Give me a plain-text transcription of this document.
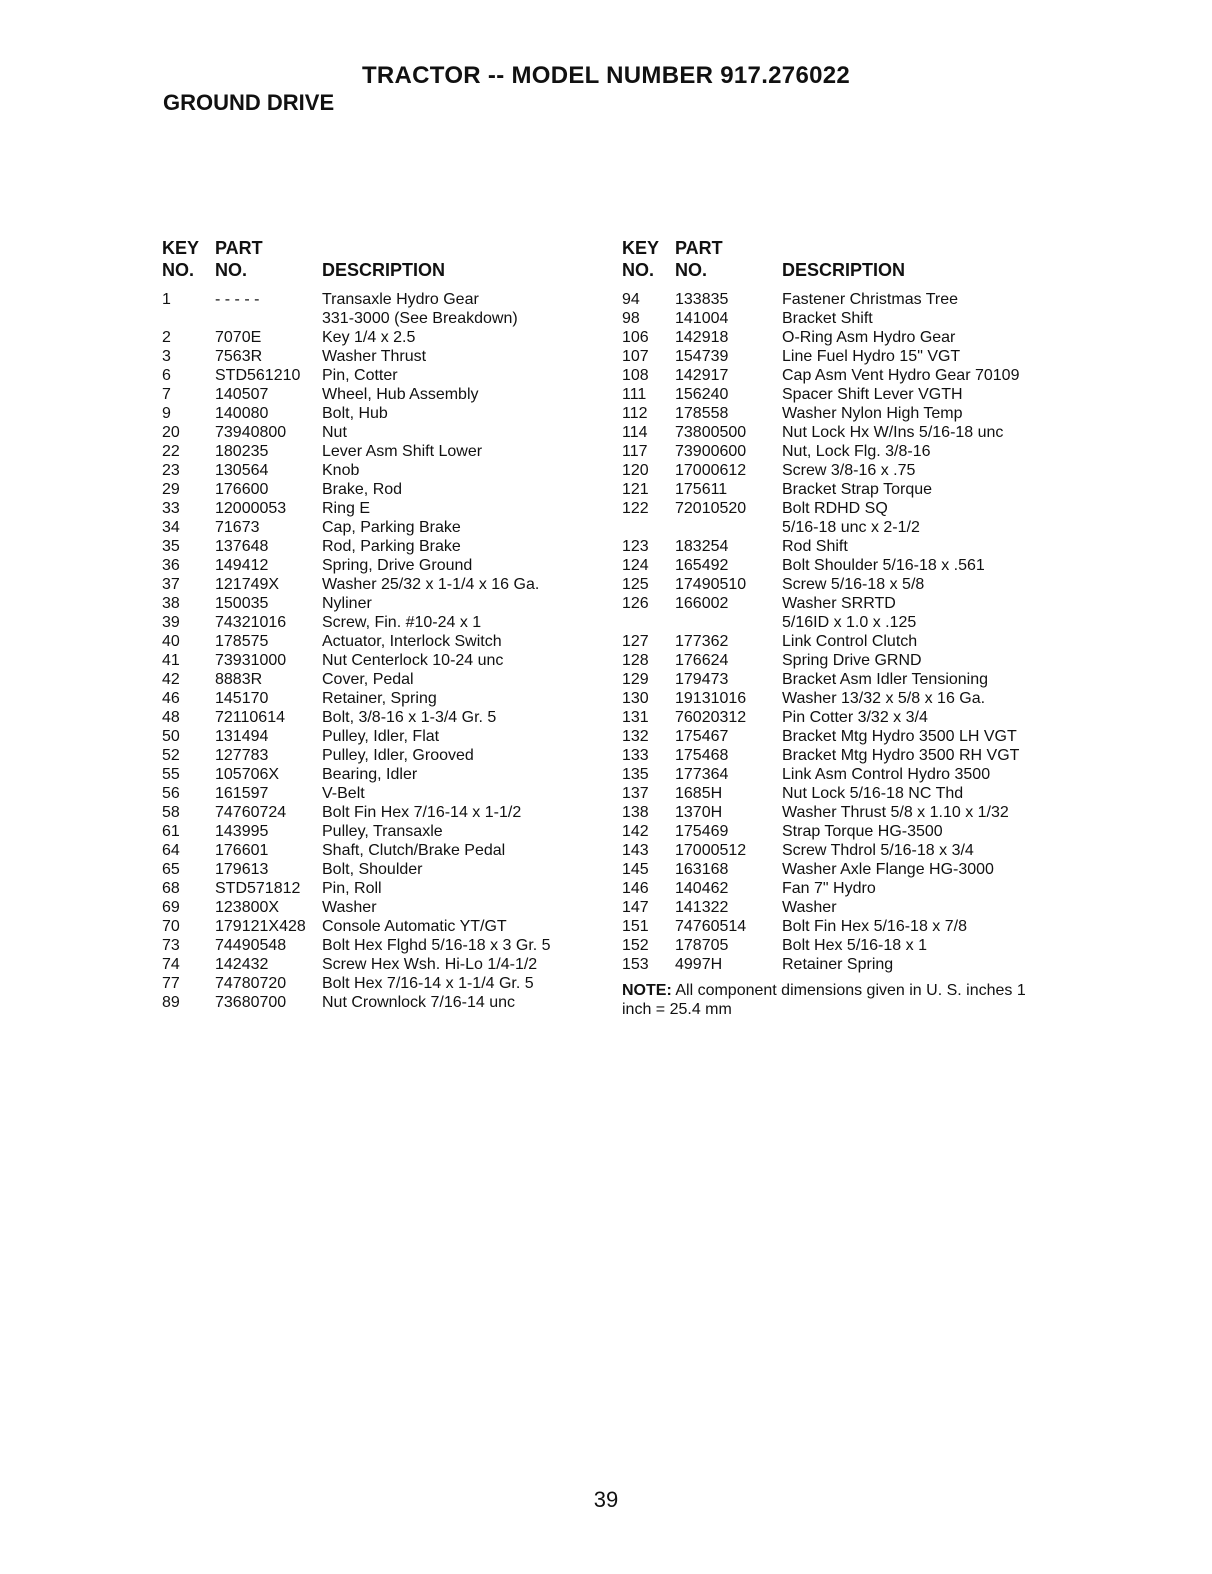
TRACTOR -- MODEL NUMBER 917.276022
GROUND DRIVE
KEY
NO.
PART
NO.	DESCRIPTION
1	- - - - -	Transaxle Hydro Gear
331-3000 (See Breakdown)
2	7070E	Key 1/4 x 2.5
3	7563R	Washer Thrust
6	STD561210 Pin, Cotter
7	140507	Wheel, Hub Assembly
9	140080	Bolt, Hub
20 73940800 Nut
22 180235	Lever Asm Shift Lower
23 130564	Knob
29 176600	Brake, Rod
33 12000053 Ring E
34 71673	Cap, Parking Brake
35 137648	Rod, Parking Brake
36 149412	Spring, Drive Ground
37 121749X	Washer 25/32 x 1-1/4 x 16 Ga.
38 150035	Nyliner
39 74321016 Screw, Fin. #10-24 x 1
40 178575	Actuator, Interlock Switch
41 73931000 Nut Centerlock 10-24 unc
42 8883R	Cover, Pedal
46 145170	Retainer, Spring
48 72110614 Bolt, 3/8-16 x 1-3/4 Gr. 5
50 131494	Pulley, Idler, Flat
52 127783	Pulley, Idler, Grooved
55 105706X	Bearing, Idler
56 161597	V-Belt
58 74760724 Bolt Fin Hex 7/16-14 x 1-1/2
61 143995	Pulley, Transaxle
64 176601	Shaft, Clutch/Brake Pedal
65 179613	Bolt, Shoulder
68 STD571812 Pin, Roll
69 123800X	Washer
70 179121X428 Console Automatic YT/GT
73 74490548 Bolt Hex Flghd 5/16-18 x 3 Gr. 5
74 142432	Screw Hex Wsh. Hi-Lo 1/4-1/2
77 74780720 Bolt Hex 7/16-14 x 1-1/4 Gr. 5
89 73680700 Nut Crownlock 7/16-14 unc
KEY
NO.
PART
NO.	DESCRIPTION
94 133835	Fastener Christmas Tree
98 141004	Bracket Shift
106 142918	O-Ring Asm Hydro Gear
107 154739	Line Fuel Hydro 15" VGT
108 142917	Cap Asm Vent Hydro Gear 70109
111 156240	Spacer Shift Lever VGTH
112 178558	Washer Nylon High Temp
114 73800500 Nut Lock Hx W/Ins 5/16-18 unc
117 73900600 Nut, Lock Flg. 3/8-16
120 17000612 Screw 3/8-16 x .75
121 175611	Bracket Strap Torque
122 72010520 Bolt RDHD SQ
5/16-18 unc x 2-1/2
123 183254	Rod Shift
124 165492	Bolt Shoulder 5/16-18 x .561
125 17490510 Screw 5/16-18 x 5/8
126 166002	Washer SRRTD
5/16ID x 1.0 x .125
127 177362	Link Control Clutch
128 176624	Spring Drive GRND
129 179473	Bracket Asm Idler Tensioning
130 19131016 Washer 13/32 x 5/8 x 16 Ga.
131 76020312 Pin Cotter 3/32 x 3/4
132 175467	Bracket Mtg Hydro 3500 LH VGT
133 175468	Bracket Mtg Hydro 3500 RH VGT
135 177364	Link Asm Control Hydro 3500
137 1685H	Nut Lock 5/16-18 NC Thd
138 1370H	Washer Thrust 5/8 x 1.10 x 1/32
142 175469	Strap Torque HG-3500
143 17000512 Screw Thdrol 5/16-18 x 3/4
145 163168	Washer Axle Flange HG-3000
146 140462	Fan 7" Hydro
147 141322	Washer
151 74760514 Bolt Fin Hex 5/16-18 x 7/8
152 178705	Bolt Hex 5/16-18 x 1
153 4997H	Retainer Spring
NOTE: All component dimensions given in U. S. inches 1 inch = 25.4 mm
39
